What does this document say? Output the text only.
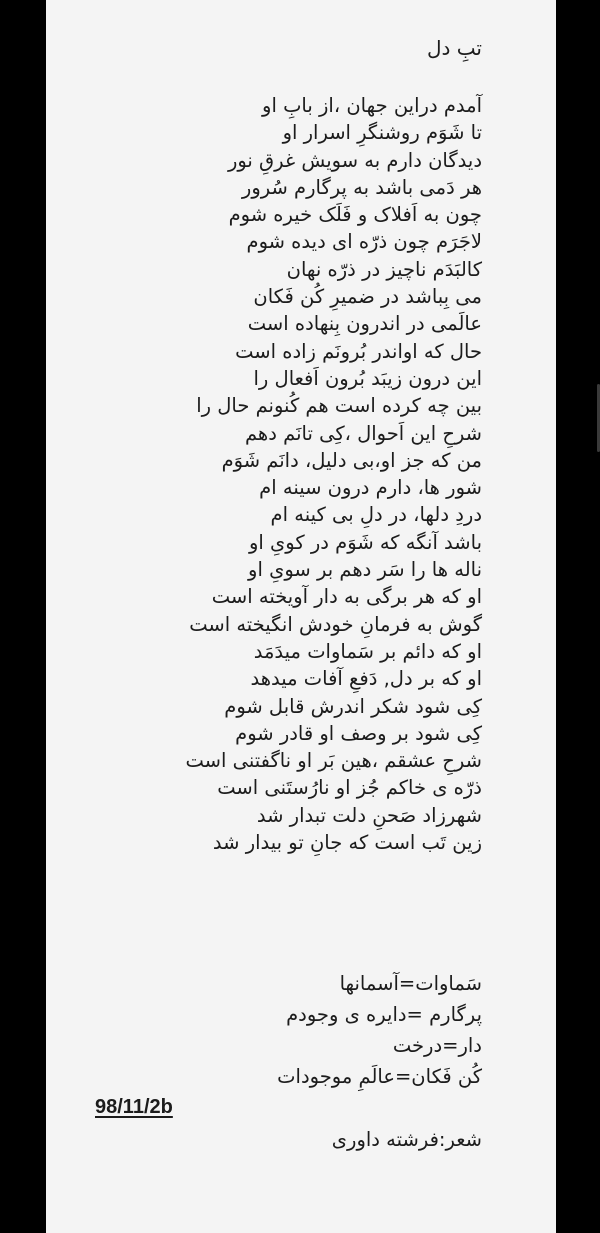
تبِ دل
آمدم دراین جهان ،از بابِ او
تا شَوَم روشنگرِ اسرار او
دیدگان دارم به سویش غرقِ نور
هر دَمی باشد به پرگارم سُرور
چون به اَفلاک و فَلَک خیره شوم
لاجَرَم چون ذرّه ای دیده شوم
کالبَدَم ناچیز در ذرّه نهان
می بِباشد در ضمیرِ کُن فَکان
عالَمی در اندرون بِنهاده است
حال که اواندر بُرونَم زاده است
این درون زیبَد بُرون اَفعال را
بین چه کرده است هم کُنونم حال را
شرحِ این اَحوال ،کِی تانَم دهم
من که جز او،بی دلیل، دانَم شَوَم
شور ها، دارم درون سینه ام
دردِ دلها، در دلِ بی کینه ام
باشد آنگه که شَوَم در کویِ او
ناله ها را سَر دهم بر سویِ او
او که هر برگی به دار آویخته است
گوش به فرمانِ خودش انگیخته است
او که دائم بر سَماوات میدَمَد
او که بر دل, دَفعِ آفات میدهد
کِی شود شکر اندرش قابل شوم
کِی شود بر وصف او قادر شوم
شرحِ عشقم ،هین بَر او ناگفتنی است
ذرّه ی خاکم جُز او نارُستَنی است
شهرزاد صَحنِ دلت تبدار شد
زین تَب است که جانِ تو بیدار شد
سَماوات=آسمانها
پرگارم =دایره ی وجودم
دار=درخت
کُن فَکان=عالَمِ موجودات
98/11/2b
شعر:فرشته داوری
